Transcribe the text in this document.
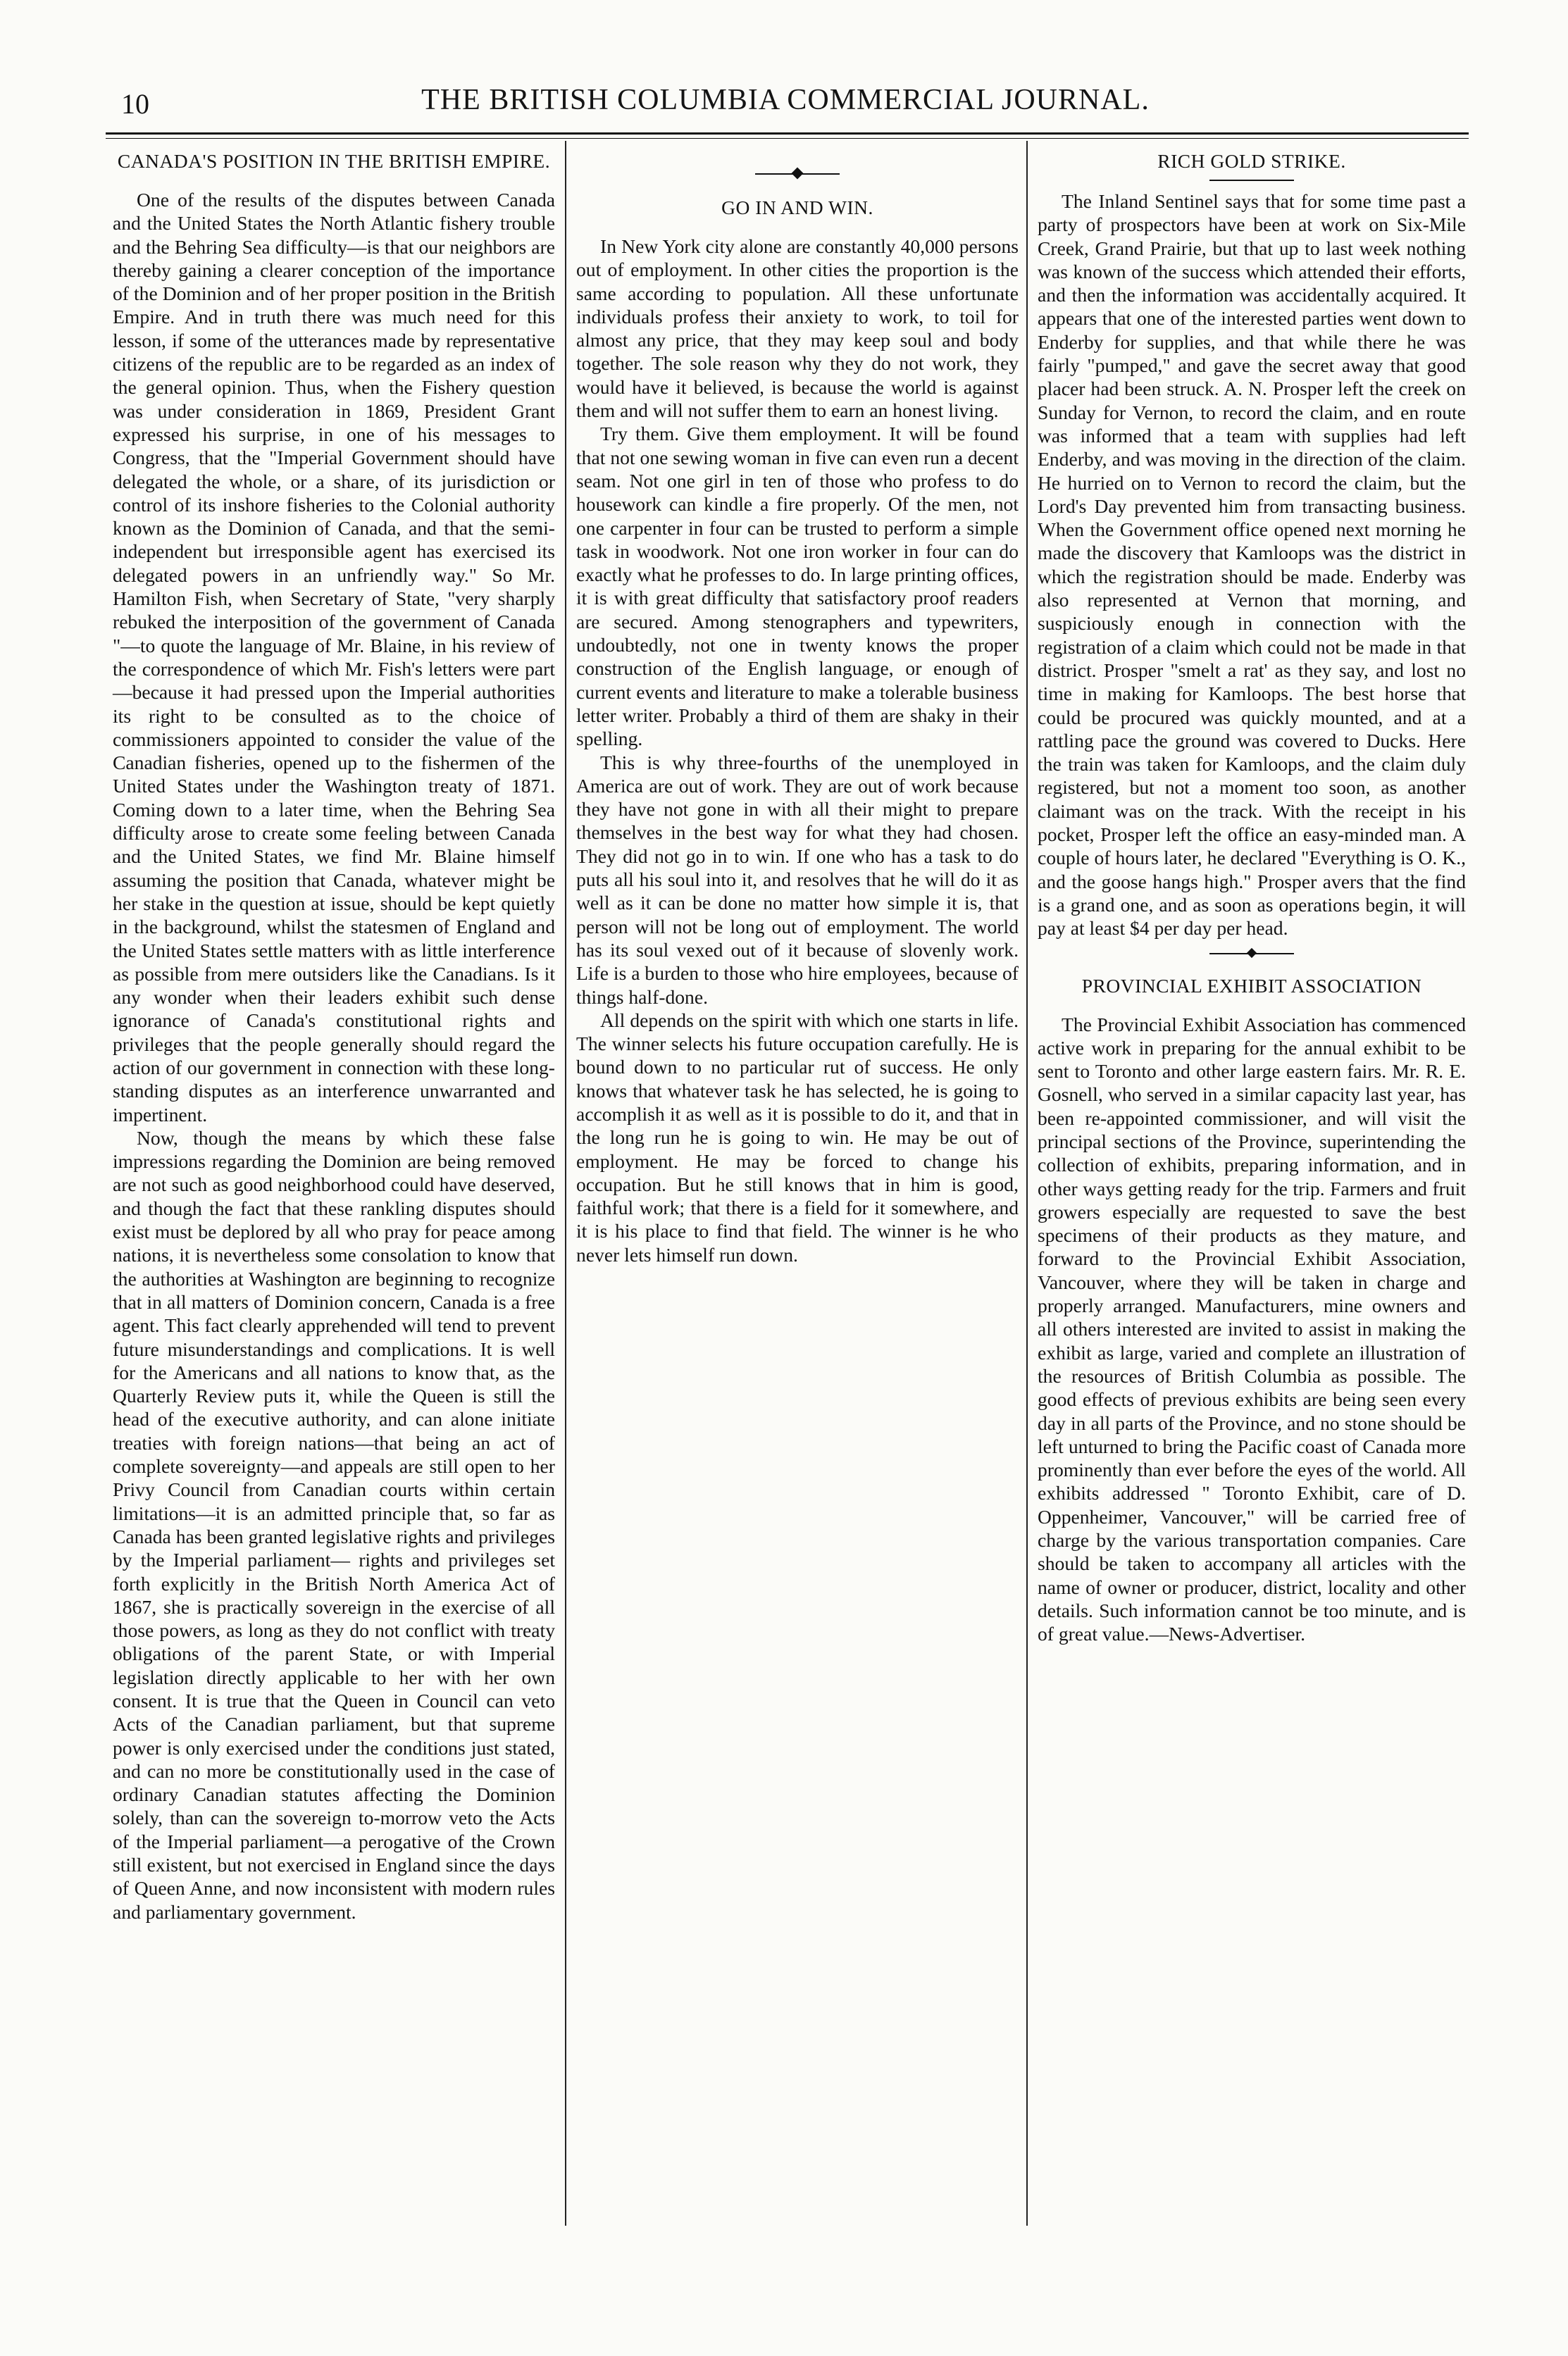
10	THE BRITISH COLUMBIA COMMERCIAL JOURNAL.
CANADA'S POSITION IN THE BRITISH EMPIRE.

One of the results of the disputes between Canada and the United States the North Atlantic fishery trouble and the Behring Sea difficulty—is that our neighbors are thereby gaining a clearer conception of the importance of the Dominion and of her proper position in the British Empire. And in truth there was much need for this lesson, if some of the utterances made by representative citizens of the republic are to be regarded as an index of the general opinion. Thus, when the Fishery question was under consideration in 1869, President Grant expressed his surprise, in one of his messages to Congress, that the "Imperial Government should have delegated the whole, or a share, of its jurisdiction or control of its inshore fisheries to the Colonial authority known as the Dominion of Canada, and that the semi-independent but irresponsible agent has exercised its delegated powers in an unfriendly way." So Mr. Hamilton Fish, when Secretary of State, "very sharply rebuked the interposition of the government of Canada "—to quote the language of Mr. Blaine, in his review of the correspondence of which Mr. Fish's letters were part —because it had pressed upon the Imperial authorities its right to be consulted as to the choice of commissioners appointed to consider the value of the Canadian fisheries, opened up to the fishermen of the United States under the Washington treaty of 1871. Coming down to a later time, when the Behring Sea difficulty arose to create some feeling between Canada and the United States, we find Mr. Blaine himself assuming the position that Canada, whatever might be her stake in the question at issue, should be kept quietly in the background, whilst the statesmen of England and the United States settle matters with as little interference as possible from mere outsiders like the Canadians. Is it any wonder when their leaders exhibit such dense ignorance of Canada's constitutional rights and privileges that the people generally should regard the action of our government in connection with these long-standing disputes as an interference unwarranted and impertinent.

Now, though the means by which these false impressions regarding the Dominion are being removed are not such as good neighborhood could have deserved, and though the fact that these rankling disputes should exist must be deplored by all who pray for peace among nations, it is nevertheless some consolation to know that the authorities at Washington are beginning to recognize that in all matters of Dominion concern, Canada is a free agent. This fact clearly apprehended will tend to prevent future misunderstandings and complications. It is well for the Americans and all nations to know that, as the Quarterly Review puts it, while the Queen is still the head of the executive authority, and can alone initiate treaties with foreign nations—that being an act of complete sovereignty—and appeals are still open to her Privy Council from Canadian courts within certain limitations—it is an admitted principle that, so far as Canada has been granted legislative rights and privileges by the Imperial parliament— rights and privileges set forth explicitly in the British North America Act of 1867, she is practically sovereign in the exercise of all those powers, as long as they do not conflict with treaty obligations of the parent State, or with Imperial legislation directly applicable to her with her own consent. It is true that the Queen in Council can veto Acts of the Canadian parliament, but that supreme power is only exercised under the conditions just stated, and can no more be constitutionally used in the case of ordinary Canadian statutes affecting the Dominion solely, than can the sovereign to-morrow veto the Acts of the Imperial parliament—a perogative of the Crown still existent, but not exercised in England since the days of Queen Anne, and now inconsistent with modern rules and parliamentary government.

GO IN AND WIN.

In New York city alone are constantly 40,000 persons out of employment. In other cities the proportion is the same according to population. All these unfortunate individuals profess their anxiety to work, to toil for almost any price, that they may keep soul and body together. The sole reason why they do not work, they would have it believed, is because the world is against them and will not suffer them to earn an honest living.

Try them. Give them employment. It will be found that not one sewing woman in five can even run a decent seam. Not one girl in ten of those who profess to do housework can kindle a fire properly. Of the men, not one carpenter in four can be trusted to perform a simple task in woodwork. Not one iron worker in four can do exactly what he professes to do. In large printing offices, it is with great difficulty that satisfactory proof readers are secured. Among stenographers and typewriters, undoubtedly, not one in twenty knows the proper construction of the English language, or enough of current events and literature to make a tolerable business letter writer. Probably a third of them are shaky in their spelling.

This is why three-fourths of the unemployed in America are out of work. They are out of work because they have not gone in with all their might to prepare themselves in the best way for what they had chosen. They did not go in to win. If one who has a task to do puts all his soul into it, and resolves that he will do it as well as it can be done no matter how simple it is, that person will not be long out of employment. The world has its soul vexed out of it because of slovenly work. Life is a burden to those who hire employees, because of things half-done.

All depends on the spirit with which one starts in life. The winner selects his future occupation carefully. He is bound down to no particular rut of success. He only knows that whatever task he has selected, he is going to accomplish it as well as it is possible to do it, and that in the long run he is going to win. He may be out of employment. He may be forced to change his occupation. But he still knows that in him is good, faithful work; that there is a field for it somewhere, and it is his place to find that field. The winner is he who never lets himself run down.

RICH GOLD STRIKE.

The Inland Sentinel says that for some time past a party of prospectors have been at work on Six-Mile Creek, Grand Prairie, but that up to last week nothing was known of the success which attended their efforts, and then the information was accidentally acquired. It appears that one of the interested parties went down to Enderby for supplies, and that while there he was fairly "pumped," and gave the secret away that good placer had been struck. A. N. Prosper left the creek on Sunday for Vernon, to record the claim, and en route was informed that a team with supplies had left Enderby, and was moving in the direction of the claim. He hurried on to Vernon to record the claim, but the Lord's Day prevented him from transacting business. When the Government office opened next morning he made the discovery that Kamloops was the district in which the registration should be made. Enderby was also represented at Vernon that morning, and suspiciously enough in connection with the registration of a claim which could not be made in that district. Prosper "smelt a rat' as they say, and lost no time in making for Kamloops. The best horse that could be procured was quickly mounted, and at a rattling pace the ground was covered to Ducks. Here the train was taken for Kamloops, and the claim duly registered, but not a moment too soon, as another claimant was on the track. With the receipt in his pocket, Prosper left the office an easy-minded man. A couple of hours later, he declared "Everything is O. K., and the goose hangs high." Prosper avers that the find is a grand one, and as soon as operations begin, it will pay at least $4 per day per head.

PROVINCIAL EXHIBIT ASSOCIATION

The Provincial Exhibit Association has commenced active work in preparing for the annual exhibit to be sent to Toronto and other large eastern fairs. Mr. R. E. Gosnell, who served in a similar capacity last year, has been re-appointed commissioner, and will visit the principal sections of the Province, superintending the collection of exhibits, preparing information, and in other ways getting ready for the trip. Farmers and fruit growers especially are requested to save the best specimens of their products as they mature, and forward to the Provincial Exhibit Association, Vancouver, where they will be taken in charge and properly arranged. Manufacturers, mine owners and all others interested are invited to assist in making the exhibit as large, varied and complete an illustration of the resources of British Columbia as possible. The good effects of previous exhibits are being seen every day in all parts of the Province, and no stone should be left unturned to bring the Pacific coast of Canada more prominently than ever before the eyes of the world. All exhibits addressed " Toronto Exhibit, care of D. Oppenheimer, Vancouver," will be carried free of charge by the various transportation companies. Care should be taken to accompany all articles with the name of owner or producer, district, locality and other details. Such information cannot be too minute, and is of great value.—News-Advertiser.
